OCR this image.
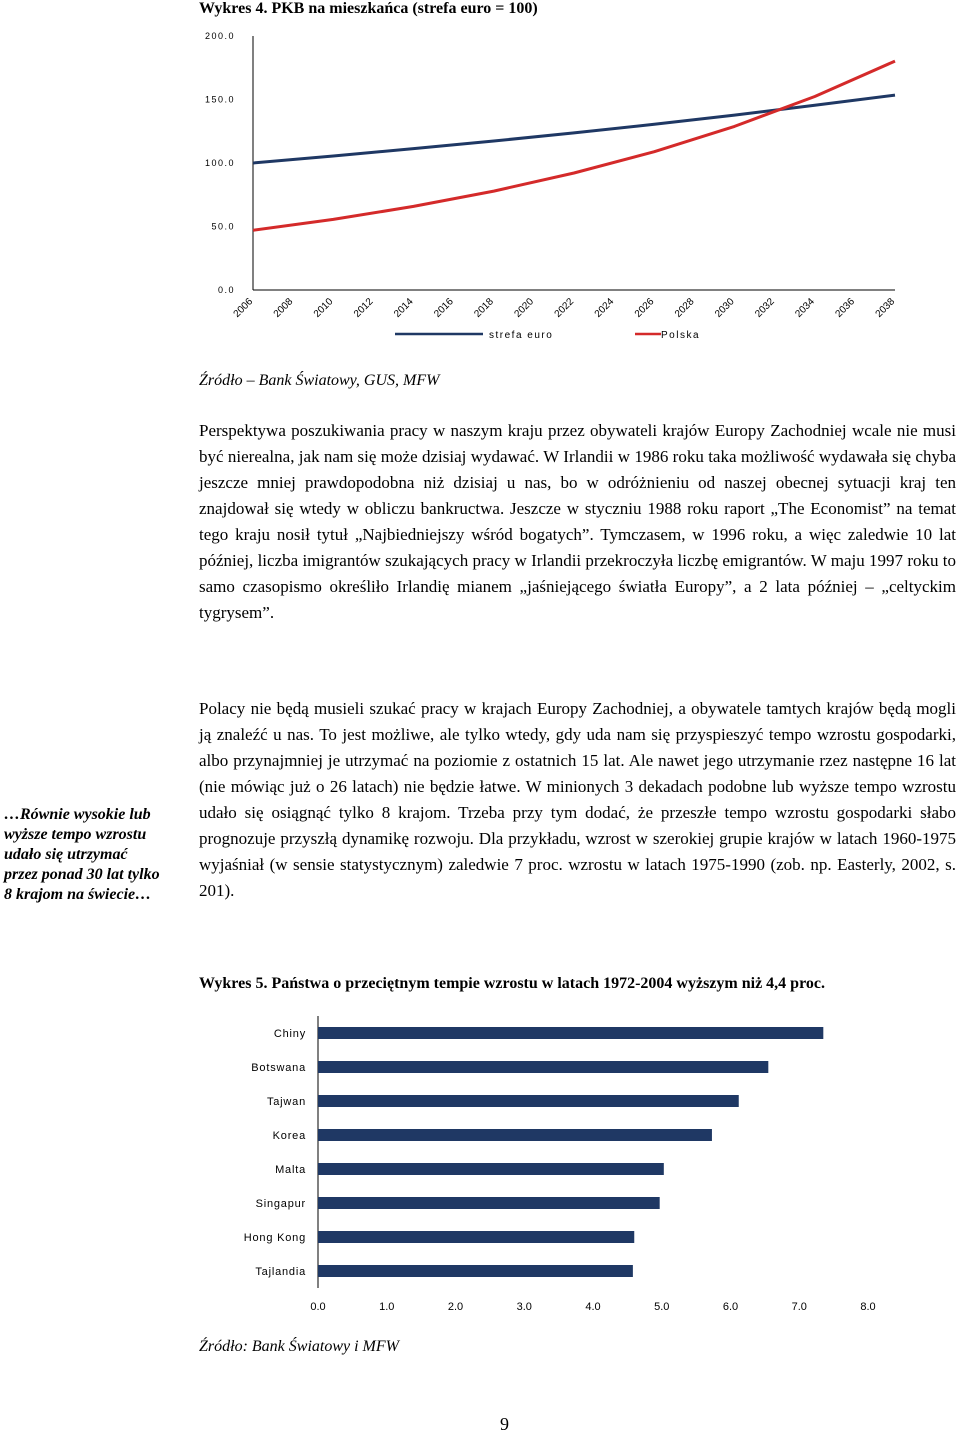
Wykres 4. PKB na mieszkańca (strefa euro = 100)
0.0
50.0
100.0
150.0
200.0
2006 2008 2010 2012 2014 2016 2018 2020 2022 2024 2026 2028 2030 2032 2034 2036 2038
strefa euro	Polska
Źródło – Bank Światowy, GUS, MFW

Perspektywa poszukiwania pracy w naszym kraju przez obywateli krajów Europy Zachodniej wcale nie musi być nierealna, jak nam się może dzisiaj wydawać. W Irlandii w 1986 roku taka możliwość wydawała się chyba jeszcze mniej prawdopodobna niż dzisiaj u nas, bo w odróżnieniu od naszej obecnej sytuacji kraj ten znajdował się wtedy w obliczu bankructwa. Jeszcze w styczniu 1988 roku raport „The Economist” na temat tego kraju nosił tytuł „Najbiedniejszy wśród bogatych”. Tymczasem, w 1996 roku, a więc zaledwie 10 lat później, liczba imigrantów szukających pracy w Irlandii przekroczyła liczbę emigrantów. W maju 1997 roku to samo czasopismo określiło Irlandię mianem „jaśniejącego światła Europy”, a 2 lata później – „celtyckim tygrysem”.

Polacy nie będą musieli szukać pracy w krajach Europy Zachodniej, a obywatele tamtych krajów będą mogli ją znaleźć u nas. To jest możliwe, ale tylko wtedy, gdy uda nam się przyspieszyć tempo wzrostu gospodarki, albo przynajmniej je utrzymać na poziomie z ostatnich 15 lat. Ale nawet jego utrzymanie rzez następne 16 lat (nie mówiąc już o 26 latach) nie będzie łatwe. W minionych 3 dekadach podobne lub wyższe tempo wzrostu udało się osiągnąć tylko 8 krajom. Trzeba przy tym dodać, że przeszłe tempo wzrostu gospodarki słabo prognozuje przyszłą dynamikę rozwoju. Dla przykładu, wzrost w szerokiej grupie krajów w latach 1960-1975 wyjaśniał (w sensie statystycznym) zaledwie 7 proc. wzrostu w latach 1975-1990 (zob. np. Easterly, 2002, s. 201).

…Równie wysokie lub wyższe tempo wzrostu udało się utrzymać przez ponad 30 lat tylko 8 krajom na świecie…
Wykres 5. Państwa o przeciętnym tempie wzrostu w latach 1972-2004 wyższym niż 4,4 proc.
Chiny
Botswana
Tajwan
Korea
Malta
Singapur
Hong Kong
Tajlandia
0.0	1.0	2.0	3.0	4.0	5.0	6.0	7.0	8.0
Źródło: Bank Światowy i MFW
9
